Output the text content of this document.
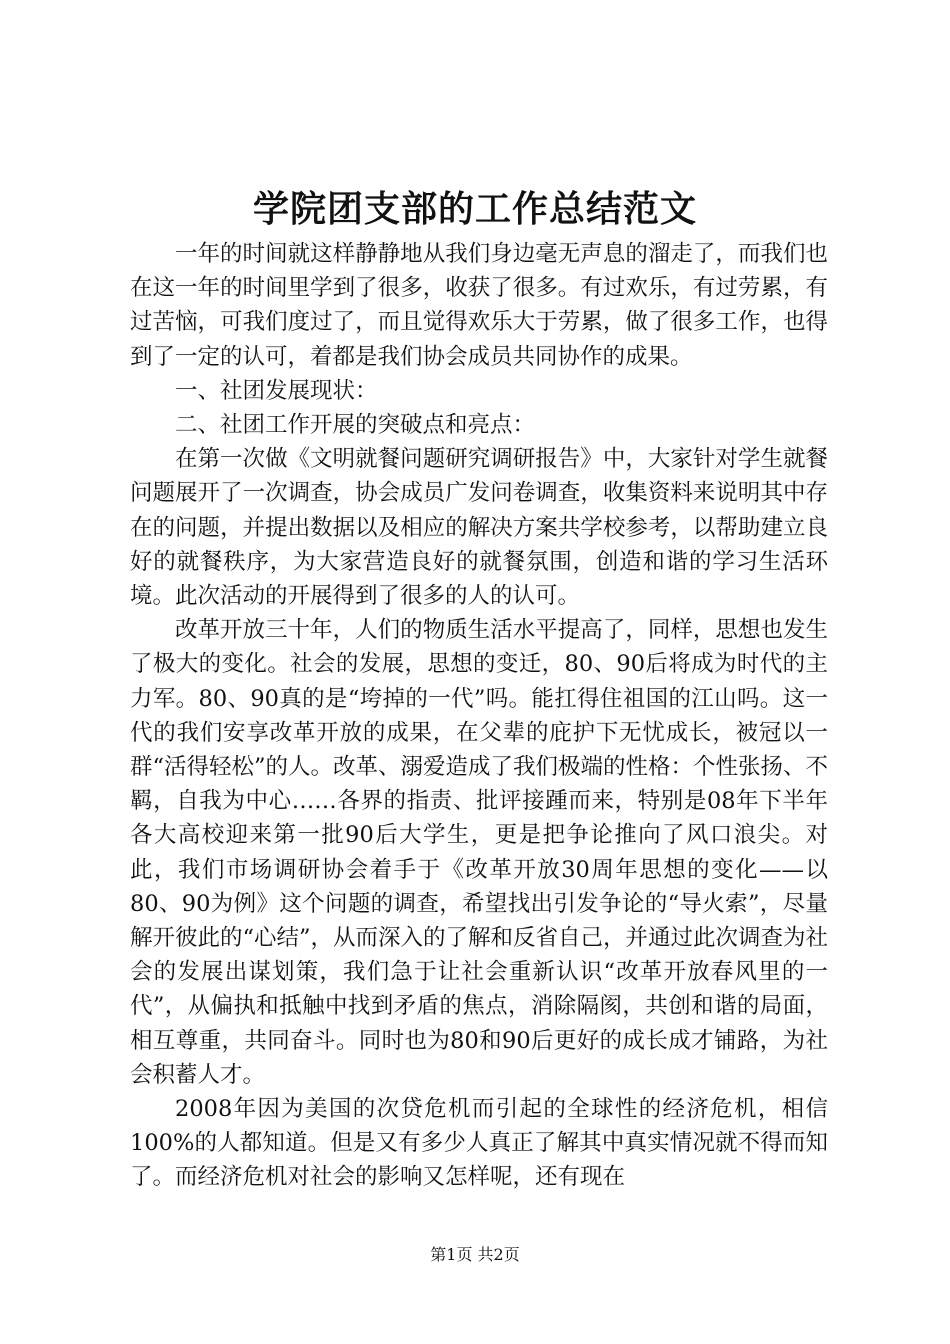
学院团支部的工作总结范文

一年的时间就这样静静地从我们身边毫无声息的溜走了，而我们也在这一年的时间里学到了很多，收获了很多。有过欢乐，有过劳累，有过苦恼，可我们度过了，而且觉得欢乐大于劳累，做了很多工作，也得到了一定的认可，着都是我们协会成员共同协作的成果。

一、社团发展现状：

二、社团工作开展的突破点和亮点：

在第一次做《文明就餐问题研究调研报告》中，大家针对学生就餐问题展开了一次调查，协会成员广发问卷调查，收集资料来说明其中存在的问题，并提出数据以及相应的解决方案共学校参考，以帮助建立良好的就餐秩序，为大家营造良好的就餐氛围，创造和谐的学习生活环境。此次活动的开展得到了很多的人的认可。

改革开放三十年，人们的物质生活水平提高了，同样，思想也发生了极大的变化。社会的发展，思想的变迁，80、90后将成为时代的主力军。80、90真的是“垮掉的一代”吗。能扛得住祖国的江山吗。这一代的我们安享改革开放的成果，在父辈的庇护下无忧成长，被冠以一群“活得轻松”的人。改革、溺爱造成了我们极端的性格：个性张扬、不羁，自我为中心……各界的指责、批评接踵而来，特别是08年下半年各大高校迎来第一批90后大学生，更是把争论推向了风口浪尖。对此，我们市场调研协会着手于《改革开放30周年思想的变化——以80、90为例》这个问题的调查，希望找出引发争论的“导火索”，尽量解开彼此的“心结”，从而深入的了解和反省自己，并通过此次调查为社会的发展出谋划策，我们急于让社会重新认识“改革开放春风里的一代”，从偏执和抵触中找到矛盾的焦点，消除隔阂，共创和谐的局面，相互尊重，共同奋斗。同时也为80和90后更好的成长成才铺路，为社会积蓄人才。

2008年因为美国的次贷危机而引起的全球性的经济危机，相信100%的人都知道。但是又有多少人真正了解其中真实情况就不得而知了。而经济危机对社会的影响又怎样呢，还有现在

第1页 共2页
